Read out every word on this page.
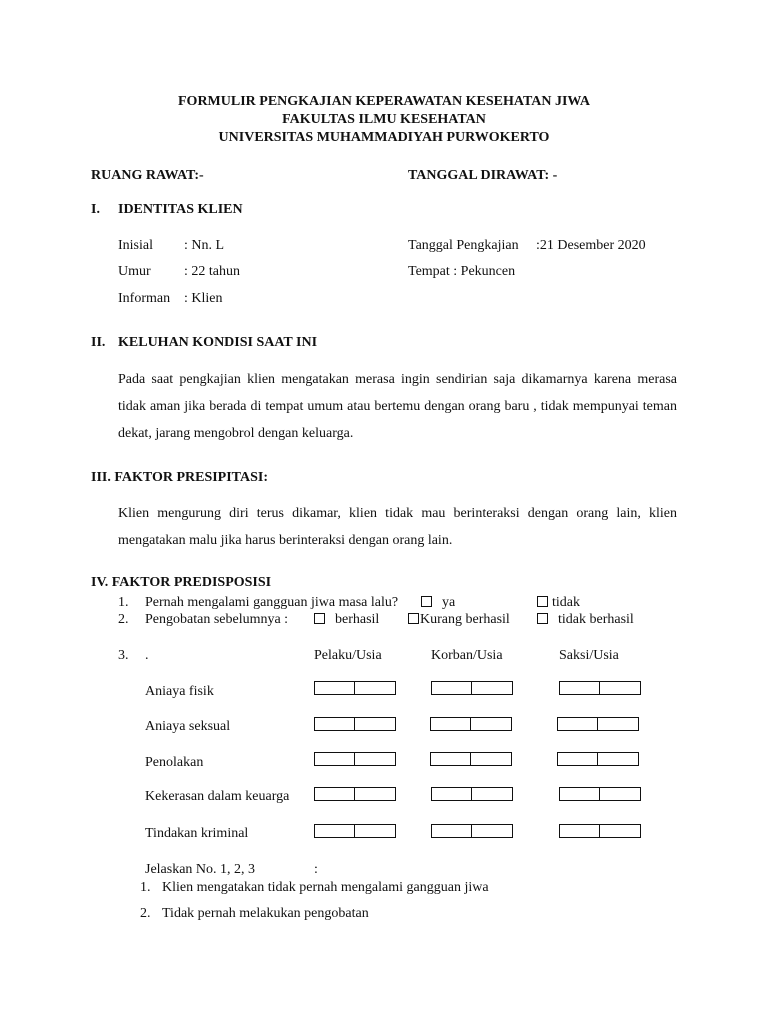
FORMULIR PENGKAJIAN KEPERAWATAN KESEHATAN JIWA
FAKULTAS ILMU KESEHATAN
UNIVERSITAS MUHAMMADIYAH PURWOKERTO
RUANG RAWAT:-	TANGGAL DIRAWAT: -
I. IDENTITAS KLIEN
Inisial : Nn. L
Umur : 22 tahun
Informan : Klien
Tanggal Pengkajian :21 Desember 2020
Tempat : Pekuncen
II. KELUHAN KONDISI SAAT INI

Pada saat pengkajian klien mengatakan merasa ingin sendirian saja dikamarnya karena merasa tidak aman jika berada di tempat umum atau bertemu dengan orang baru , tidak mempunyai teman dekat, jarang mengobrol dengan keluarga.

III. FAKTOR PRESIPITASI:

Klien mengurung diri terus dikamar, klien tidak mau berinteraksi dengan orang lain, klien mengatakan malu jika harus berinteraksi dengan orang lain.

IV. FAKTOR PREDISPOSISI
1. Pernah mengalami gangguan jiwa masa lalu?	ya	tidak
2. Pengobatan sebelumnya :	berhasil	Kurang berhasil	tidak berhasil
3. .	Pelaku/Usia	Korban/Usia	Saksi/Usia
Aniaya fisik
Aniaya seksual
Penolakan
Kekerasan dalam keuarga
Tindakan kriminal
Jelaskan No. 1, 2, 3	:
1. Klien mengatakan tidak pernah mengalami gangguan jiwa
2. Tidak pernah melakukan pengobatan
